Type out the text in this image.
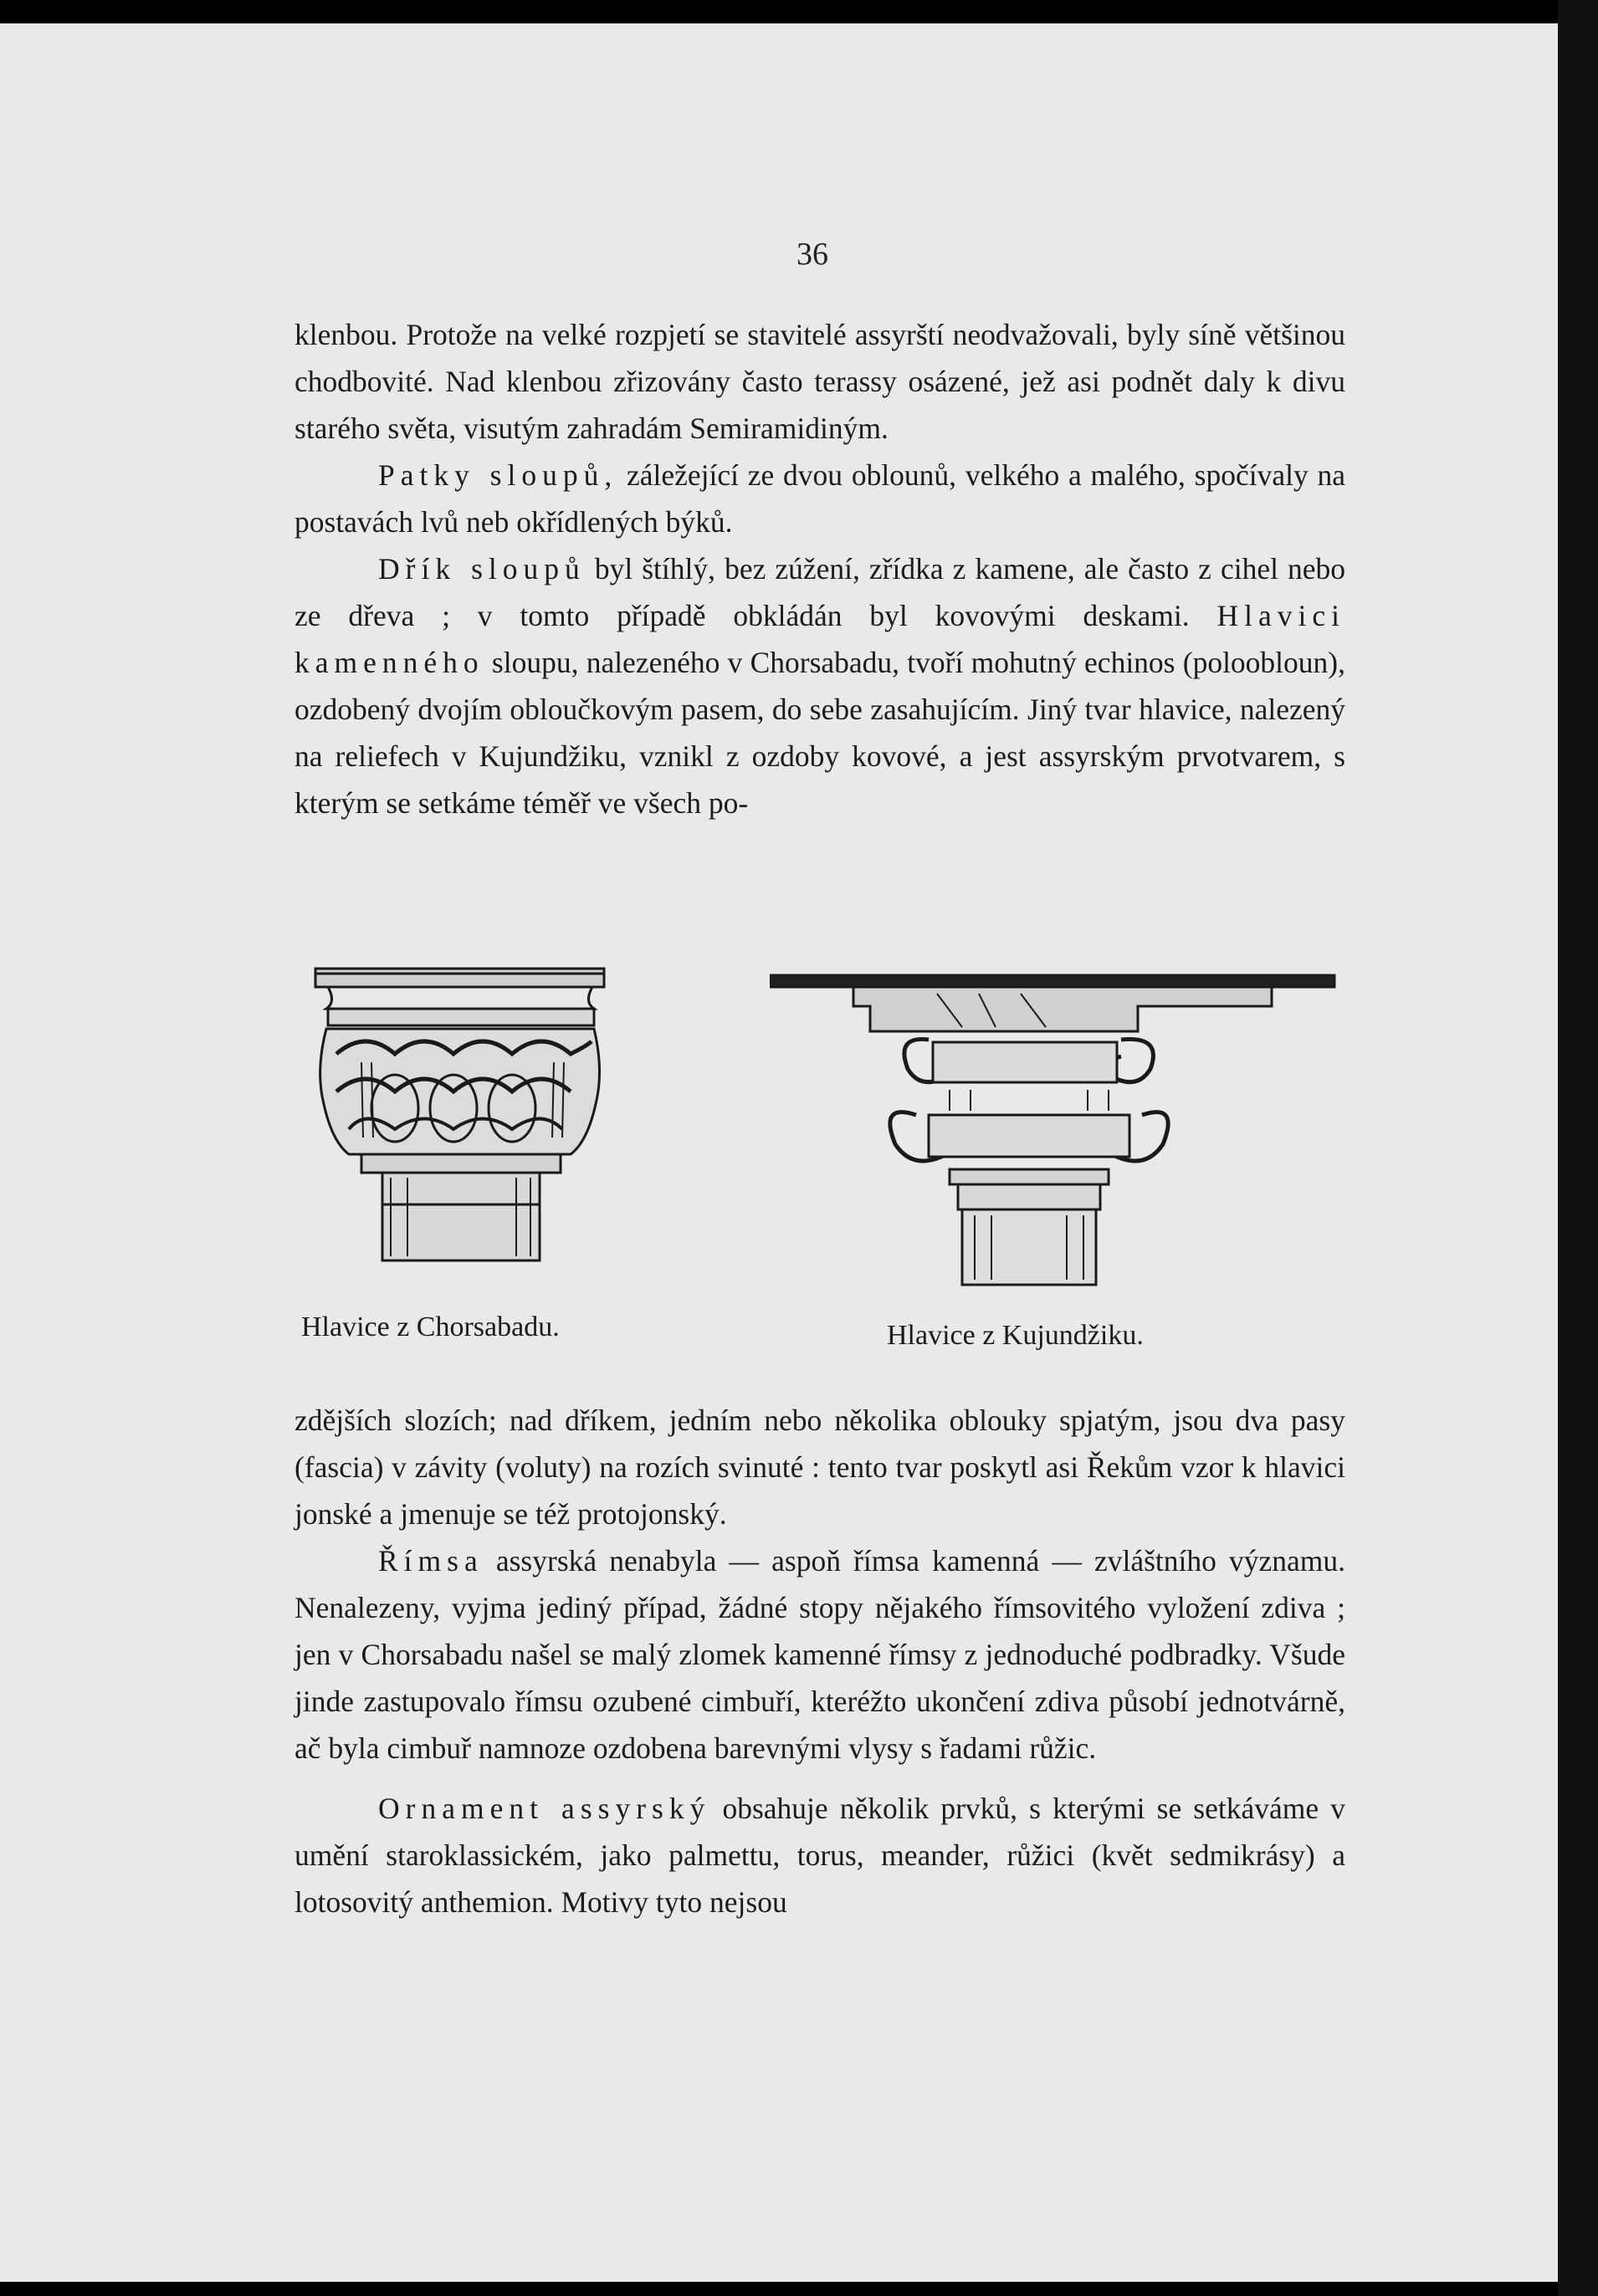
36

klenbou. Protože na velké rozpjetí se stavitelé assyrští neodvažovali, byly síně většinou chodbovité. Nad klenbou zřizovány často terassy osázené, jež asi podnět daly k divu starého světa, visutým zahradám Semiramidiným.

Patky sloupů, záležející ze dvou oblounů, velkého a malého, spočívaly na postavách lvů neb okřídlených býků.

Dřík sloupů byl štíhlý, bez zúžení, zřídka z kamene, ale často z cihel nebo ze dřeva ; v tomto případě obkládán byl kovovými deskami. Hlavici kamenného sloupu, nalezeného v Chorsabadu, tvoří mohutný echinos (poloobloun), ozdobený dvojím obloučkovým pasem, do sebe zasahujícím. Jiný tvar hlavice, nalezený na reliefech v Kujundžiku, vznikl z ozdoby kovové, a jest assyrským prvotvarem, s kterým se setkáme téměř ve všech po-

Hlavice z Chorsabadu.	Hlavice z Kujundžiku.

zdějších slozích; nad dříkem, jedním nebo několika oblouky spjatým, jsou dva pasy (fascia) v závity (voluty) na rozích svinuté : tento tvar poskytl asi Řekům vzor k hlavici jonské a jmenuje se též protojonský.

Římsa assyrská nenabyla — aspoň římsa kamenná — zvláštního významu. Nenalezeny, vyjma jediný případ, žádné stopy nějakého římsovitého vyložení zdiva ; jen v Chorsabadu našel se malý zlomek kamenné římsy z jednoduché podbradky. Všude jinde zastupovalo římsu ozubené cimbuří, kteréžto ukončení zdiva působí jednotvárně, ač byla cimbuř namnoze ozdobena barevnými vlysy s řadami růžic.

Ornament assyrský obsahuje několik prvků, s kterými se setkáváme v umění staroklassickém, jako palmettu, torus, meander, růžici (květ sedmikrásy) a lotosovitý anthemion. Motivy tyto nejsou
